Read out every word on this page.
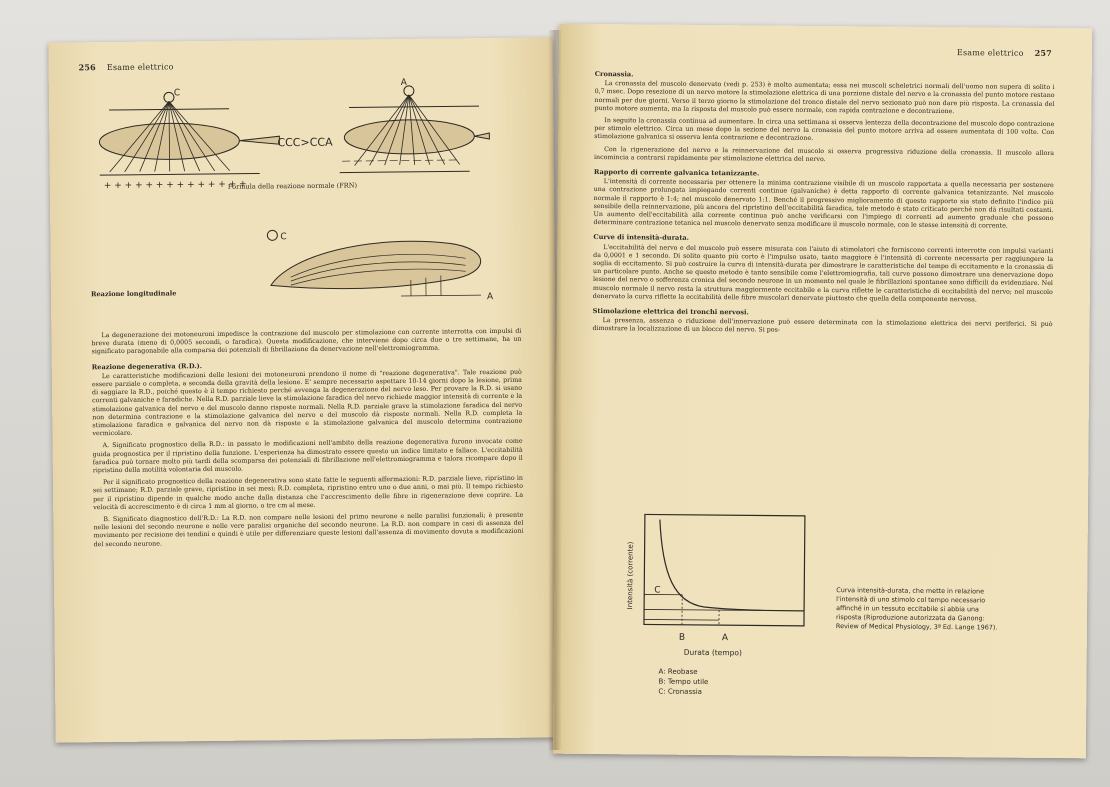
256 Esame elettrico
+ + + + + + + + + + + + + +
C
CCC>CCA
— — — — — — — — — —
A
Formula della reazione normale (FRN)
C
A
Reazione longitudinale

La degenerazione dei motoneuroni impedisce la contrazione del muscolo per stimolazione con corrente interrotta con impulsi di breve durata (meno di 0,0005 secondi, o faradica). Questa modificazione, che interviene dopo circa due o tre settimane, ha un significato paragonabile alla comparsa dei potenziali di fibrillazione da denervazione nell'elettromiogramma.

Reazione degenerativa (R.D.).

Le caratteristiche modificazioni delle lesioni dei motoneuroni prendono il nome di "reazione degenerativa". Tale reazione può essere parziale o completa, a seconda della gravità della lesione. E' sempre necessario aspettare 10-14 giorni dopo la lesione, prima di saggiare la R.D., poiché questo è il tempo richiesto perché avvenga la degenerazione del nervo leso. Per provare la R.D. si usano correnti galvaniche e faradiche. Nella R.D. parziale lieve la stimolazione faradica del nervo richiede maggior intensità di corrente e la stimolazione galvanica del nervo e del muscolo danno risposte normali. Nella R.D. parziale grave la stimolazione faradica del nervo non determina contrazione e la stimolazione galvanica del nervo e del muscolo dà risposte normali. Nella R.D. completa la stimolazione faradica e galvanica del nervo non dà risposte e la stimolazione galvanica del muscolo determina contrazione vermicolare.

A. Significato prognostico della R.D.: in passato le modificazioni nell'ambito della reazione degenerativa furono invocate come guida prognostica per il ripristino della funzione. L'esperienza ha dimostrato essere questo un indice limitato e fallace. L'eccitabilità faradica può tornare molto più tardi della scomparsa dei potenziali di fibrillazione nell'elettromiogramma e talora ricompare dopo il ripristino della motilità volontaria del muscolo.

Per il significato prognostico della reazione degenerativa sono state fatte le seguenti affermazioni: R.D. parziale lieve, ripristino in sei settimane; R.D. parziale grave, ripristino in sei mesi; R.D. completa, ripristino entro uno o due anni, o mai più. Il tempo richiesto per il ripristino dipende in qualche modo anche dalla distanza che l'accrescimento delle fibre in rigenerazione deve coprire. La velocità di accrescimento è di circa 1 mm al giorno, o tre cm al mese.

B. Significato diagnostico dell'R.D.: La R.D. non compare nelle lesioni del primo neurone e nelle paralisi funzionali; è presente nelle lesioni del secondo neurone e nelle vere paralisi organiche del secondo neurone. La R.D. non compare in casi di assenza del movimento per recisione dei tendini e quindi è utile per differenziare queste lesioni dall'assenza di movimento dovuta a modificazioni del secondo neurone.

Esame elettrico 257
Cronassia.

La cronassia del muscolo denervato (vedi p. 253) è molto aumentata; essa nei muscoli scheletrici normali dell'uomo non supera di solito i 0,7 msec. Dopo resezione di un nervo motore la stimolazione elettrica di una porzione distale del nervo e la cronassia del punto motore restano normali per due giorni. Verso il terzo giorno la stimolazione del tronco distale del nervo sezionato può non dare più risposta. La cronassia del punto motore aumenta, ma la risposta del muscolo può essere normale, con rapida contrazione e decontrazione.

In seguito la cronassia continua ad aumentare. In circa una settimana si osserva lentezza della decontrazione del muscolo dopo contrazione per stimolo elettrico. Circa un mese dopo la sezione del nervo la cronassia del punto motore arriva ad essere aumentata di 100 volte. Con stimolazione galvanica si osserva lenta contrazione e decontrazione.

Con la rigenerazione del nervo e la reinnervazione del muscolo si osserva progressiva riduzione della cronassia. Il muscolo allora incomincia a contrarsi rapidamente per stimolazione elettrica del nervo.

Rapporto di corrente galvanica tetanizzante.

L'intensità di corrente necessaria per ottenere la minima contrazione visibile di un muscolo rapportata a quella necessaria per sostenere una contrazione prolungata impiegando correnti continue (galvaniche) è detta rapporto di corrente galvanica tetanizzante. Nel muscolo normale il rapporto è 1:4; nel muscolo denervato 1:1. Benché il progressivo miglioramento di questo rapporto sia stato definito l'indice più sensibile della reinnervazione, più ancora del ripristino dell'eccitabilità faradica, tale metodo è stato criticato perché non dà risultati costanti. Un aumento dell'eccitabilità alla corrente continua può anche verificarsi con l'impiego di correnti ad aumento graduale che possono determinare contrazione tetanica nel muscolo denervato senza modificare il muscolo normale, con le stesse intensità di corrente.

Curve di intensità-durata.

L'eccitabilità del nervo e del muscolo può essere misurata con l'aiuto di stimolatori che forniscono correnti interrotte con impulsi varianti da 0,0001 e 1 secondo. Di solito quanto più corto è l'impulso usato, tanto maggiore è l'intensità di corrente necessaria per raggiungere la soglia di eccitamento. Si può costruire la curva di intensità-durata per dimostrare le caratteristiche del tempo di eccitamento e la cronassia di un particolare punto. Anche se questo metodo è tanto sensibile come l'elettromiografia, tali curve possono dimostrare una denervazione dopo lesione del nervo o sofferenza cronica del secondo neurone in un momento nel quale le fibrillazioni spontanee sono difficili da evidenziare. Nel muscolo normale il nervo resta la struttura maggiormente eccitabile e la curva riflette le caratteristiche di eccitabilità del nervo; nel muscolo denervato la curva riflette la eccitabilità delle fibre muscolari denervate piuttosto che quella della componente nervosa.

Stimolazione elettrica dei tronchi nervosi.

La presenza, assenza o riduzione dell'innervazione può essere determinata con la stimolazione elettrica dei nervi periferici. Si può dimostrare la localizzazione di un blocco del nervo. Si pos-

C
B	A
Intensità (corrente)
Durata (tempo)
A: Reobase
B: Tempo utile
C: Cronassia
Curva intensità-durata, che mette in relazione l'intensità di uno stimolo col tempo necessario affinché in un tessuto eccitabile si abbia una risposta (Riproduzione autorizzata da Ganong: Review of Medical Physiology, 3ª Ed. Lange 1967).
